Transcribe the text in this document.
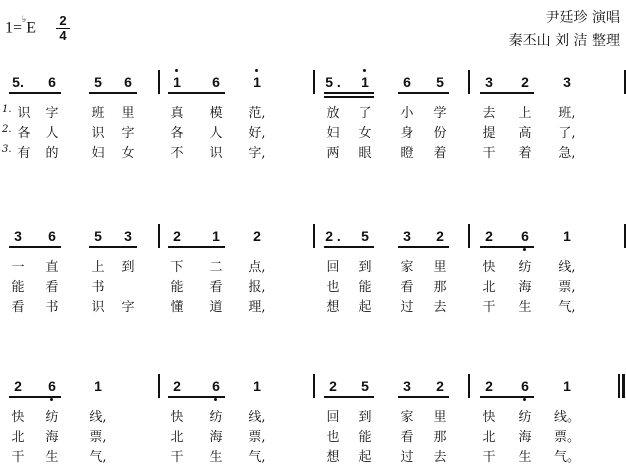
1=♭E 2
4
尹廷珍 演唱
秦丕山 刘 洁 整理
5.	6	5	6	1	6	1	5 .	1	6	5	3	2	3
1. 识	字	班	里	真	模	范,	放	了	小	学	去	上	班,
2. 各	人	识	字	各	人	好,	妇	女	身	份	提	高	了,
3. 有	的	妇	女	不	识	字,	两	眼	瞪	着	干	着	急,
3	6	5	3	2	1	2	2 .	5	3	2	2	6	1
一	直	上	到	下	二	点,	回	到	家	里	快	纺	线,
能	看	书	能	看	报,	也	能	看	那	北	海	票,
看	书	识	字	懂	道	理,	想	起	过	去	干	生	气,
2	6	1	2	6	1	2	5	3	2	2	6	1
快	纺	线,	快	纺	线,	回	到	家	里	快	纺	线。
北	海	票,	北	海	票,	也	能	看	那	北	海	票。
干	生	气,	干	生	气,	想	起	过	去	干	生	气。
